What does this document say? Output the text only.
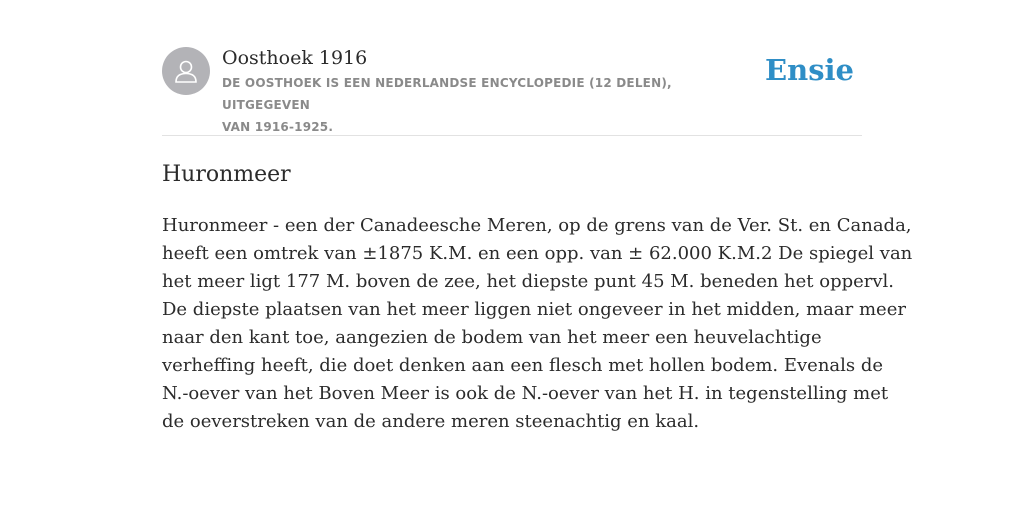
Oosthoek 1916
DE OOSTHOEK IS EEN NEDERLANDSE ENCYCLOPEDIE (12 DELEN), UITGEGEVEN
VAN 1916-1925.
Ensie
Huronmeer

Huronmeer - een der Canadeesche Meren, op de grens van de Ver. St. en Canada,
heeft een omtrek van ±1875 K.M. en een opp. van ± 62.000 K.M.2 De spiegel van
het meer ligt 177 M. boven de zee, het diepste punt 45 M. beneden het oppervl.
De diepste plaatsen van het meer liggen niet ongeveer in het midden, maar meer
naar den kant toe, aangezien de bodem van het meer een heuvelachtige
verheffing heeft, die doet denken aan een flesch met hollen bodem. Evenals de
N.-oever van het Boven Meer is ook de N.-oever van het H. in tegenstelling met
de oeverstreken van de andere meren steenachtig en kaal.
